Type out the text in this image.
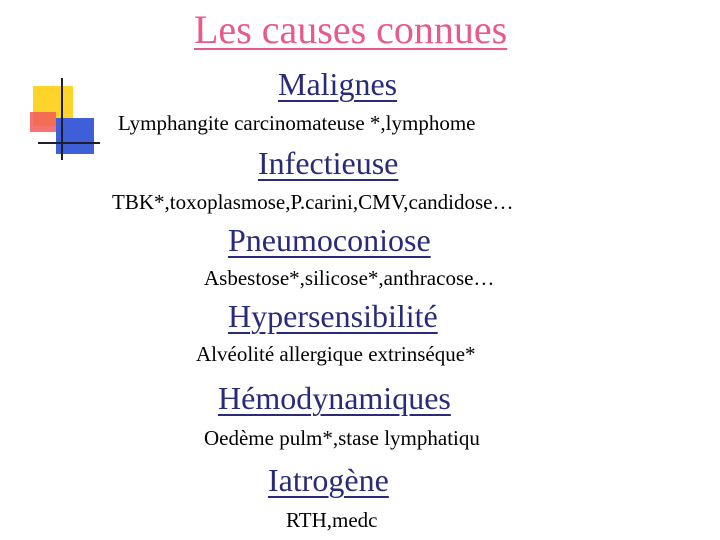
Les causes connues
Malignes
Lymphangite carcinomateuse *,lymphome
Infectieuse
TBK*,toxoplasmose,P.carini,CMV,candidose…
Pneumoconiose
Asbestose*,silicose*,anthracose…
Hypersensibilité
Alvéolité allergique extrinséque*
Hémodynamiques
Oedème pulm*,stase lymphatiqu
Iatrogène
RTH,medc
